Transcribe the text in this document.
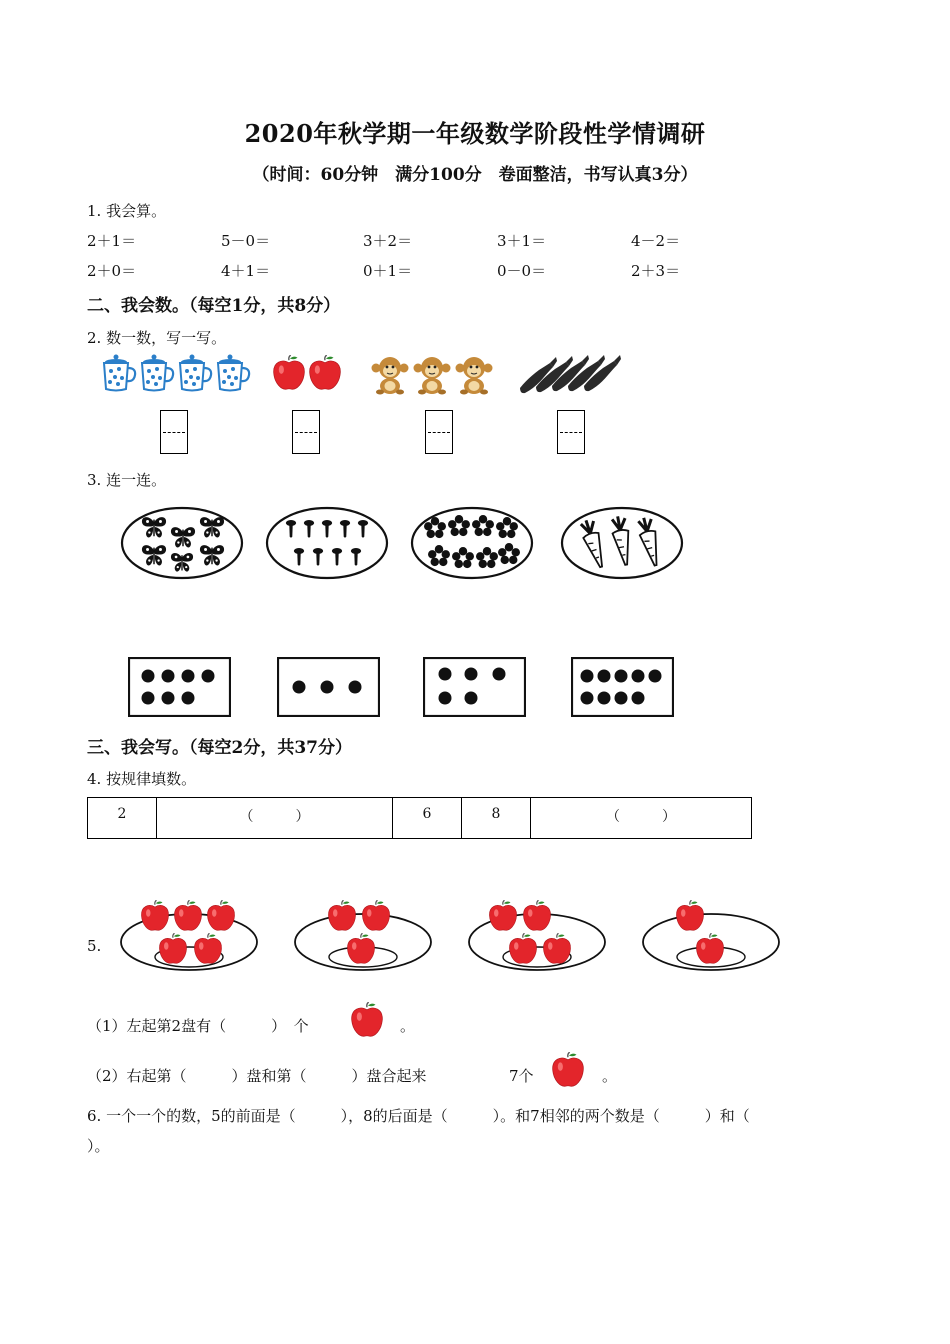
2020年秋学期一年级数学阶段性学情调研
（时间：60分钟　满分100分　卷面整洁，书写认真3分）
1. 我会算。
2＋1＝	5－0＝	3＋2＝	3＋1＝	4－2＝
2＋0＝	4＋1＝	0＋1＝	0－0＝	2＋3＝
二、我会数。（每空1分，共8分）
2. 数一数，写一写。
3. 连一连。
三、我会写。（每空2分，共37分）
4. 按规律填数。
2	（　　　）	6	8	（　　　）
5.
（1）左起第2盘有（　　　）　个	。
（2）右起第（　　　）盘和第（　　　）盘合起来	7个	。
6. 一个一个的数，5的前面是（　　　），8的后面是（　　　）。和7相邻的两个数是（　　　）和（
）。
